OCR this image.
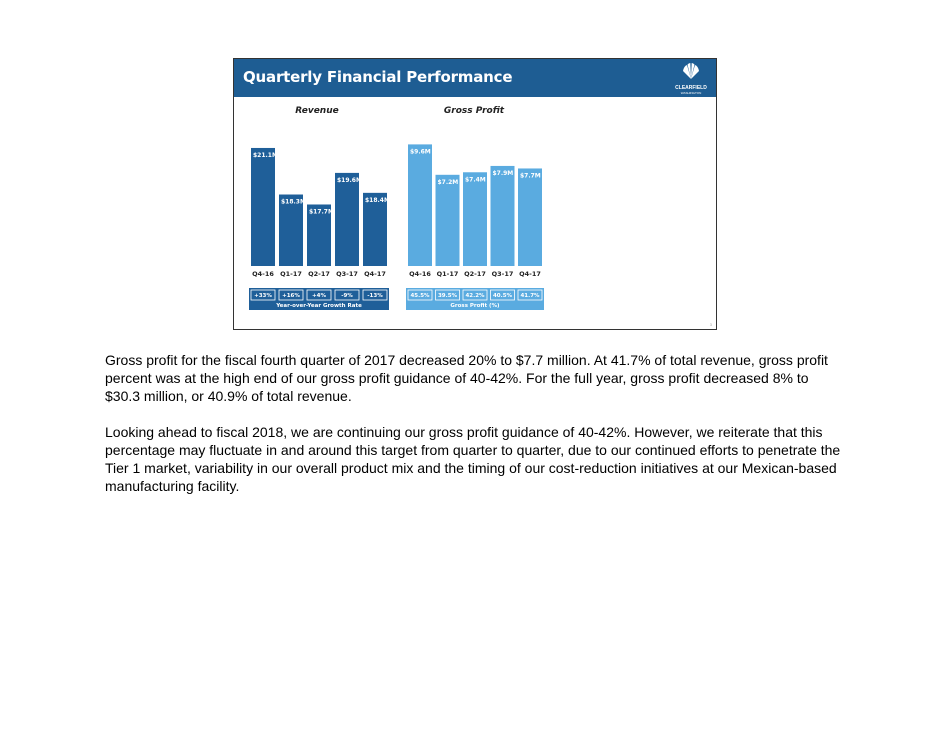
Quarterly Financial Performance
CLEARFIELD
WASHINGTON
Revenue
$21.1M
Q4-16
$18.3M
Q1-17
$17.7M
Q2-17
$19.6M
Q3-17
$18.4M
Q4-17
+33% +16% +4%	-9%	-13%
Year-over-Year Growth Rate
Gross Profit
$9.6M
Q4-16
$7.2M
Q1-17
$7.4M
Q2-17
$7.9M
Q3-17
$7.7M
Q4-17
45.5% 39.5% 42.2% 40.5% 41.7%
Gross Profit (%)
3

Gross profit for the fiscal fourth quarter of 2017 decreased 20% to $7.7 million. At 41.7% of total revenue, gross profit percent was at the high end of our gross profit guidance of 40-42%. For the full year, gross profit decreased 8% to $30.3 million, or 40.9% of total revenue.

Looking ahead to fiscal 2018, we are continuing our gross profit guidance of 40-42%. However, we reiterate that this percentage may fluctuate in and around this target from quarter to quarter, due to our continued efforts to penetrate the Tier 1 market, variability in our overall product mix and the timing of our cost-reduction initiatives at our Mexican-based manufacturing facility.
